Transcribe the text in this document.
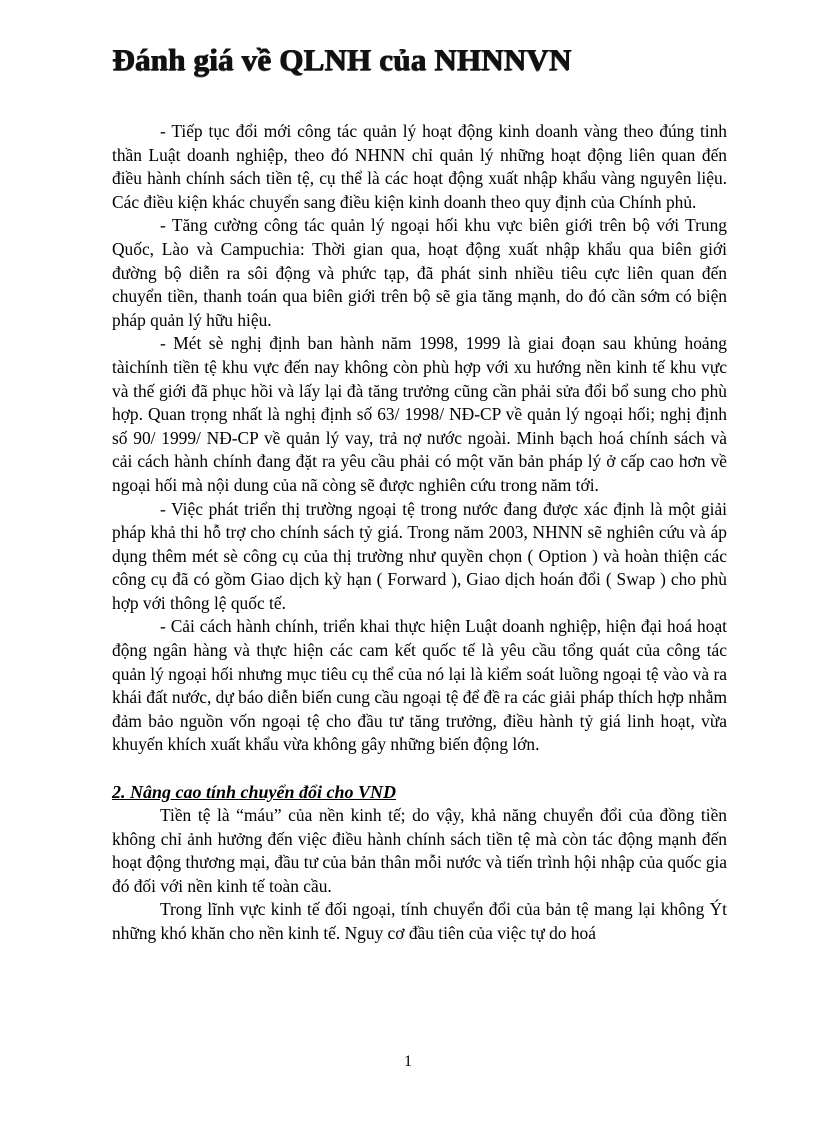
Đánh giá về QLNH của NHNNVN

- Tiếp tục đổi mới công tác quản lý hoạt động kinh doanh vàng theo đúng tinh thần Luật doanh nghiệp, theo đó NHNN chỉ quản lý những hoạt động liên quan đến điều hành chính sách tiền tệ, cụ thể là các hoạt động xuất nhập khẩu vàng nguyên liệu. Các điều kiện khác chuyển sang điều kiện kinh doanh theo quy định của Chính phủ.

- Tăng cường công tác quản lý ngoại hối khu vực biên giới trên bộ với Trung Quốc, Lào và Campuchia: Thời gian qua, hoạt động xuất nhập khẩu qua biên giới đường bộ diễn ra sôi động và phức tạp, đã phát sinh nhiều tiêu cực liên quan đến chuyển tiền, thanh toán qua biên giới trên bộ sẽ gia tăng mạnh, do đó cần sớm có biện pháp quản lý hữu hiệu.

- Mét sè nghị định ban hành năm 1998, 1999 là giai đoạn sau khủng hoảng tàichính tiền tệ khu vực đến nay không còn phù hợp với xu hướng nền kinh tế khu vực và thế giới đã phục hồi và lấy lại đà tăng trưởng cũng cần phải sửa đổi bổ sung cho phù hợp. Quan trọng nhất là nghị định số 63/ 1998/ NĐ-CP về quản lý ngoại hối; nghị định số 90/ 1999/ NĐ-CP về quản lý vay, trả nợ nước ngoài. Minh bạch hoá chính sách và cải cách hành chính đang đặt ra yêu cầu phải có một văn bản pháp lý ở cấp cao hơn về ngoại hối mà nội dung của nã còng sẽ được nghiên cứu trong năm tới.

- Việc phát triển thị trường ngoại tệ trong nước đang được xác định là một giải pháp khả thi hỗ trợ cho chính sách tỷ giá. Trong năm 2003, NHNN sẽ nghiên cứu và áp dụng thêm mét sè công cụ của thị trường như quyền chọn ( Option ) và hoàn thiện các công cụ đã có gồm Giao dịch kỳ hạn ( Forward ), Giao dịch hoán đổi ( Swap ) cho phù hợp với thông lệ quốc tế.

- Cải cách hành chính, triển khai thực hiện Luật doanh nghiệp, hiện đại hoá hoạt động ngân hàng và thực hiện các cam kết quốc tế là yêu cầu tổng quát của công tác quản lý ngoại hối nhưng mục tiêu cụ thể của nó lại là kiểm soát luồng ngoại tệ vào và ra khái đất nước, dự báo diễn biến cung cầu ngoại tệ để đề ra các giải pháp thích hợp nhằm đảm bảo nguồn vốn ngoại tệ cho đầu tư tăng trưởng, điều hành tỷ giá linh hoạt, vừa khuyến khích xuất khẩu vừa không gây những biến động lớn.

2. Nâng cao tính chuyển đổi cho VND

Tiền tệ là “máu” của nền kinh tế; do vậy, khả năng chuyển đổi của đồng tiền không chỉ ảnh hưởng đến việc điều hành chính sách tiền tệ mà còn tác động mạnh đến hoạt động thương mại, đầu tư của bản thân mỗi nước và tiến trình hội nhập của quốc gia đó đối với nền kinh tế toàn cầu.

Trong lĩnh vực kinh tế đối ngoại, tính chuyển đổi của bản tệ mang lại không Ýt những khó khăn cho nền kinh tế. Nguy cơ đầu tiên của việc tự do hoá

1
